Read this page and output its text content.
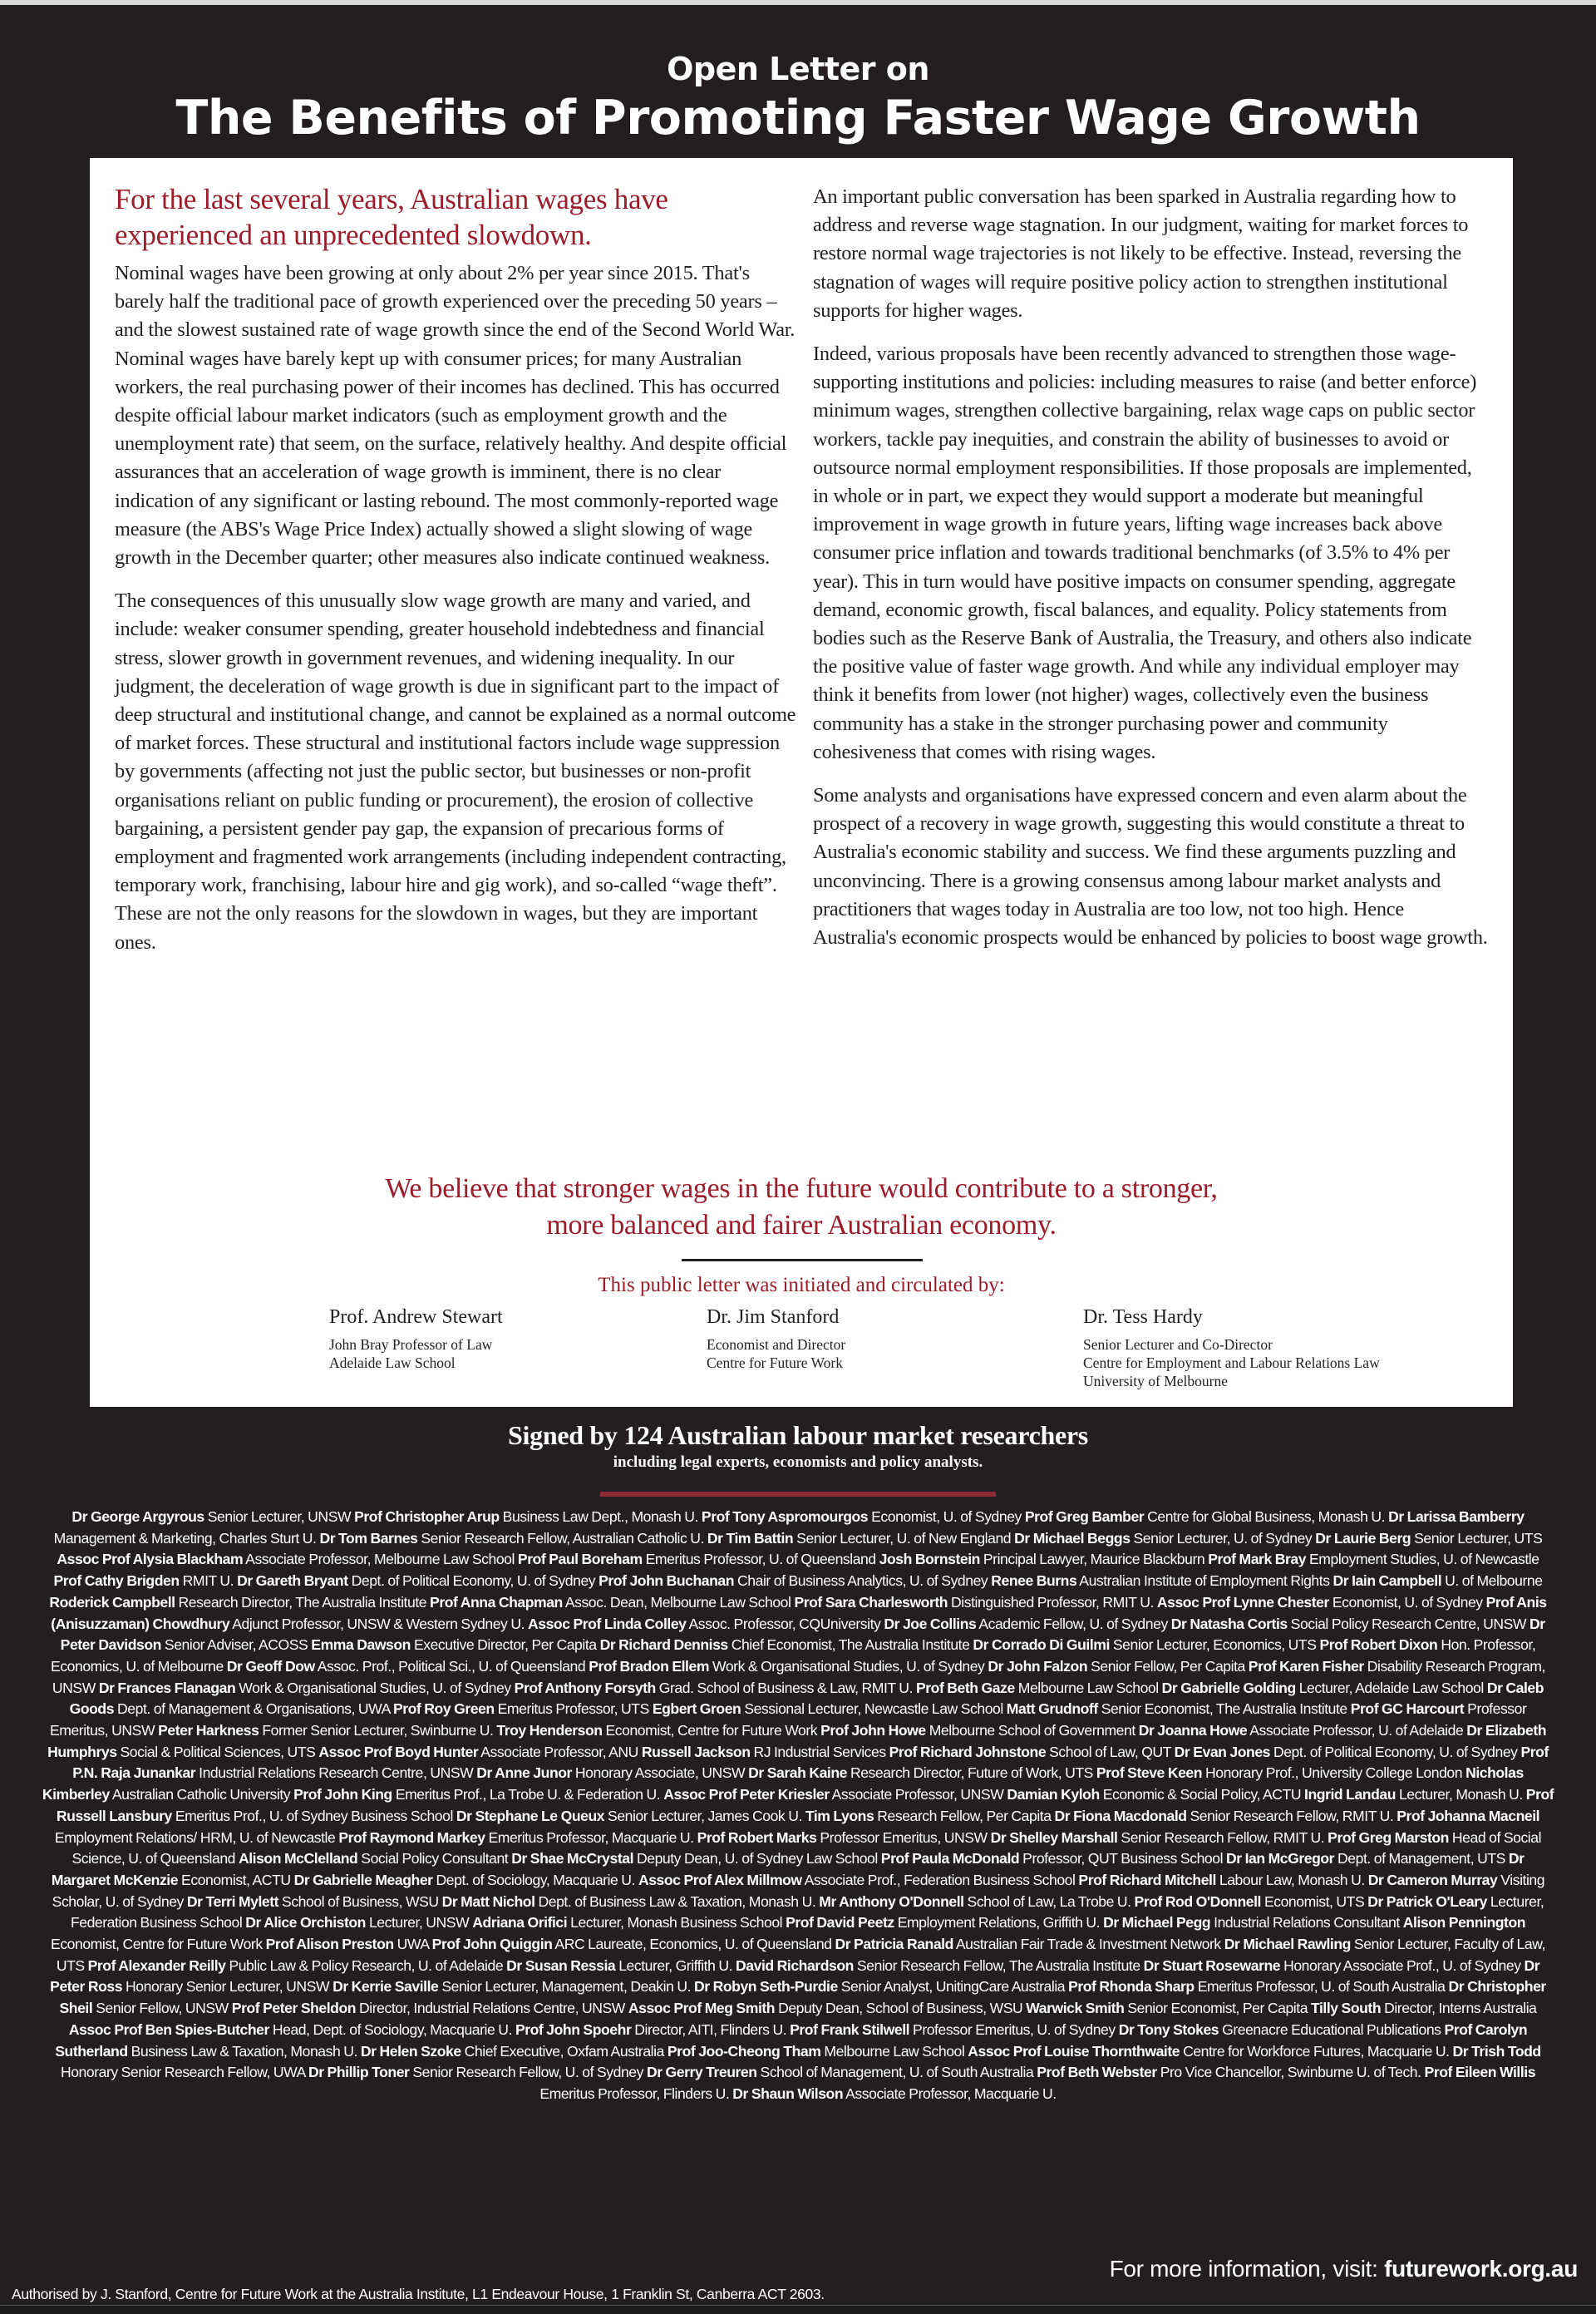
Open Letter on
The Benefits of Promoting Faster Wage Growth
For the last several years, Australian wages have experienced an unprecedented slowdown.

Nominal wages have been growing at only about 2% per year since 2015. That's barely half the traditional pace of growth experienced over the preceding 50 years – and the slowest sustained rate of wage growth since the end of the Second World War. Nominal wages have barely kept up with consumer prices; for many Australian workers, the real purchasing power of their incomes has declined. This has occurred despite official labour market indicators (such as employment growth and the unemployment rate) that seem, on the surface, relatively healthy. And despite official assurances that an acceleration of wage growth is imminent, there is no clear indication of any significant or lasting rebound. The most commonly-reported wage measure (the ABS's Wage Price Index) actually showed a slight slowing of wage growth in the December quarter; other measures also indicate continued weakness.

The consequences of this unusually slow wage growth are many and varied, and include: weaker consumer spending, greater household indebtedness and financial stress, slower growth in government revenues, and widening inequality. In our judgment, the deceleration of wage growth is due in significant part to the impact of deep structural and institutional change, and cannot be explained as a normal outcome of market forces. These structural and institutional factors include wage suppression by governments (affecting not just the public sector, but businesses or non-profit organisations reliant on public funding or procurement), the erosion of collective bargaining, a persistent gender pay gap, the expansion of precarious forms of employment and fragmented work arrangements (including independent contracting, temporary work, franchising, labour hire and gig work), and so-called “wage theft”. These are not the only reasons for the slowdown in wages, but they are important ones.

An important public conversation has been sparked in Australia regarding how to address and reverse wage stagnation. In our judgment, waiting for market forces to restore normal wage trajectories is not likely to be effective. Instead, reversing the stagnation of wages will require positive policy action to strengthen institutional supports for higher wages.

Indeed, various proposals have been recently advanced to strengthen those wage-supporting institutions and policies: including measures to raise (and better enforce) minimum wages, strengthen collective bargaining, relax wage caps on public sector workers, tackle pay inequities, and constrain the ability of businesses to avoid or outsource normal employment responsibilities. If those proposals are implemented, in whole or in part, we expect they would support a moderate but meaningful improvement in wage growth in future years, lifting wage increases back above consumer price inflation and towards traditional benchmarks (of 3.5% to 4% per year). This in turn would have positive impacts on consumer spending, aggregate demand, economic growth, fiscal balances, and equality. Policy statements from bodies such as the Reserve Bank of Australia, the Treasury, and others also indicate the positive value of faster wage growth. And while any individual employer may think it benefits from lower (not higher) wages, collectively even the business community has a stake in the stronger purchasing power and community cohesiveness that comes with rising wages.

Some analysts and organisations have expressed concern and even alarm about the prospect of a recovery in wage growth, suggesting this would constitute a threat to Australia's economic stability and success. We find these arguments puzzling and unconvincing. There is a growing consensus among labour market analysts and practitioners that wages today in Australia are too low, not too high. Hence Australia's economic prospects would be enhanced by policies to boost wage growth.

We believe that stronger wages in the future would contribute to a stronger,
more balanced and fairer Australian economy.
This public letter was initiated and circulated by:
Prof. Andrew Stewart
John Bray Professor of Law
Adelaide Law School
Dr. Jim Stanford
Economist and Director
Centre for Future Work
Dr. Tess Hardy
Senior Lecturer and Co-Director
Centre for Employment and Labour Relations Law
University of Melbourne
Signed by 124 Australian labour market researchers
including legal experts, economists and policy analysts.
Dr George Argyrous Senior Lecturer, UNSW Prof Christopher Arup Business Law Dept., Monash U. Prof Tony Aspromourgos Economist, U. of Sydney Prof Greg Bamber Centre for Global Business, Monash U. Dr Larissa Bamberry Management & Marketing, Charles Sturt U. Dr Tom Barnes Senior Research Fellow, Australian Catholic U. Dr Tim Battin Senior Lecturer, U. of New England Dr Michael Beggs Senior Lecturer, U. of Sydney Dr Laurie Berg Senior Lecturer, UTS Assoc Prof Alysia Blackham Associate Professor, Melbourne Law School Prof Paul Boreham Emeritus Professor, U. of Queensland Josh Bornstein Principal Lawyer, Maurice Blackburn Prof Mark Bray Employment Studies, U. of Newcastle Prof Cathy Brigden RMIT U. Dr Gareth Bryant Dept. of Political Economy, U. of Sydney Prof John Buchanan Chair of Business Analytics, U. of Sydney Renee Burns Australian Institute of Employment Rights Dr Iain Campbell U. of Melbourne Roderick Campbell Research Director, The Australia Institute Prof Anna Chapman Assoc. Dean, Melbourne Law School Prof Sara Charlesworth Distinguished Professor, RMIT U. Assoc Prof Lynne Chester Economist, U. of Sydney Prof Anis (Anisuzzaman) Chowdhury Adjunct Professor, UNSW & Western Sydney U. Assoc Prof Linda Colley Assoc. Professor, CQUniversity Dr Joe Collins Academic Fellow, U. of Sydney Dr Natasha Cortis Social Policy Research Centre, UNSW Dr Peter Davidson Senior Adviser, ACOSS Emma Dawson Executive Director, Per Capita Dr Richard Denniss Chief Economist, The Australia Institute Dr Corrado Di Guilmi Senior Lecturer, Economics, UTS Prof Robert Dixon Hon. Professor, Economics, U. of Melbourne Dr Geoff Dow Assoc. Prof., Political Sci., U. of Queensland Prof Bradon Ellem Work & Organisational Studies, U. of Sydney Dr John Falzon Senior Fellow, Per Capita Prof Karen Fisher Disability Research Program, UNSW Dr Frances Flanagan Work & Organisational Studies, U. of Sydney Prof Anthony Forsyth Grad. School of Business & Law, RMIT U. Prof Beth Gaze Melbourne Law School Dr Gabrielle Golding Lecturer, Adelaide Law School Dr Caleb Goods Dept. of Management & Organisations, UWA Prof Roy Green Emeritus Professor, UTS Egbert Groen Sessional Lecturer, Newcastle Law School Matt Grudnoff Senior Economist, The Australia Institute Prof GC Harcourt Professor Emeritus, UNSW Peter Harkness Former Senior Lecturer, Swinburne U. Troy Henderson Economist, Centre for Future Work Prof John Howe Melbourne School of Government Dr Joanna Howe Associate Professor, U. of Adelaide Dr Elizabeth Humphrys Social & Political Sciences, UTS Assoc Prof Boyd Hunter Associate Professor, ANU Russell Jackson RJ Industrial Services Prof Richard Johnstone School of Law, QUT Dr Evan Jones Dept. of Political Economy, U. of Sydney Prof P.N. Raja Junankar Industrial Relations Research Centre, UNSW Dr Anne Junor Honorary Associate, UNSW Dr Sarah Kaine Research Director, Future of Work, UTS Prof Steve Keen Honorary Prof., University College London Nicholas Kimberley Australian Catholic University Prof John King Emeritus Prof., La Trobe U. & Federation U. Assoc Prof Peter Kriesler Associate Professor, UNSW Damian Kyloh Economic & Social Policy, ACTU Ingrid Landau Lecturer, Monash U. Prof Russell Lansbury Emeritus Prof., U. of Sydney Business School Dr Stephane Le Queux Senior Lecturer, James Cook U. Tim Lyons Research Fellow, Per Capita Dr Fiona Macdonald Senior Research Fellow, RMIT U. Prof Johanna Macneil Employment Relations/ HRM, U. of Newcastle Prof Raymond Markey Emeritus Professor, Macquarie U. Prof Robert Marks Professor Emeritus, UNSW Dr Shelley Marshall Senior Research Fellow, RMIT U. Prof Greg Marston Head of Social Science, U. of Queensland Alison McClelland Social Policy Consultant Dr Shae McCrystal Deputy Dean, U. of Sydney Law School Prof Paula McDonald Professor, QUT Business School Dr Ian McGregor Dept. of Management, UTS Dr Margaret McKenzie Economist, ACTU Dr Gabrielle Meagher Dept. of Sociology, Macquarie U. Assoc Prof Alex Millmow Associate Prof., Federation Business School Prof Richard Mitchell Labour Law, Monash U. Dr Cameron Murray Visiting Scholar, U. of Sydney Dr Terri Mylett School of Business, WSU Dr Matt Nichol Dept. of Business Law & Taxation, Monash U. Mr Anthony O'Donnell School of Law, La Trobe U. Prof Rod O'Donnell Economist, UTS Dr Patrick O'Leary Lecturer, Federation Business School Dr Alice Orchiston Lecturer, UNSW Adriana Orifici Lecturer, Monash Business School Prof David Peetz Employment Relations, Griffith U. Dr Michael Pegg Industrial Relations Consultant Alison Pennington Economist, Centre for Future Work Prof Alison Preston UWA Prof John Quiggin ARC Laureate, Economics, U. of Queensland Dr Patricia Ranald Australian Fair Trade & Investment Network Dr Michael Rawling Senior Lecturer, Faculty of Law, UTS Prof Alexander Reilly Public Law & Policy Research, U. of Adelaide Dr Susan Ressia Lecturer, Griffith U. David Richardson Senior Research Fellow, The Australia Institute Dr Stuart Rosewarne Honorary Associate Prof., U. of Sydney Dr Peter Ross Honorary Senior Lecturer, UNSW Dr Kerrie Saville Senior Lecturer, Management, Deakin U. Dr Robyn Seth-Purdie Senior Analyst, UnitingCare Australia Prof Rhonda Sharp Emeritus Professor, U. of South Australia Dr Christopher Sheil Senior Fellow, UNSW Prof Peter Sheldon Director, Industrial Relations Centre, UNSW Assoc Prof Meg Smith Deputy Dean, School of Business, WSU Warwick Smith Senior Economist, Per Capita Tilly South Director, Interns Australia Assoc Prof Ben Spies-Butcher Head, Dept. of Sociology, Macquarie U. Prof John Spoehr Director, AITI, Flinders U. Prof Frank Stilwell Professor Emeritus, U. of Sydney Dr Tony Stokes Greenacre Educational Publications Prof Carolyn Sutherland Business Law & Taxation, Monash U. Dr Helen Szoke Chief Executive, Oxfam Australia Prof Joo-Cheong Tham Melbourne Law School Assoc Prof Louise Thornthwaite Centre for Workforce Futures, Macquarie U. Dr Trish Todd Honorary Senior Research Fellow, UWA Dr Phillip Toner Senior Research Fellow, U. of Sydney Dr Gerry Treuren School of Management, U. of South Australia Prof Beth Webster Pro Vice Chancellor, Swinburne U. of Tech. Prof Eileen Willis Emeritus Professor, Flinders U. Dr Shaun Wilson Associate Professor, Macquarie U.
For more information, visit: futurework.org.au
Authorised by J. Stanford, Centre for Future Work at the Australia Institute, L1 Endeavour House, 1 Franklin St, Canberra ACT 2603.
